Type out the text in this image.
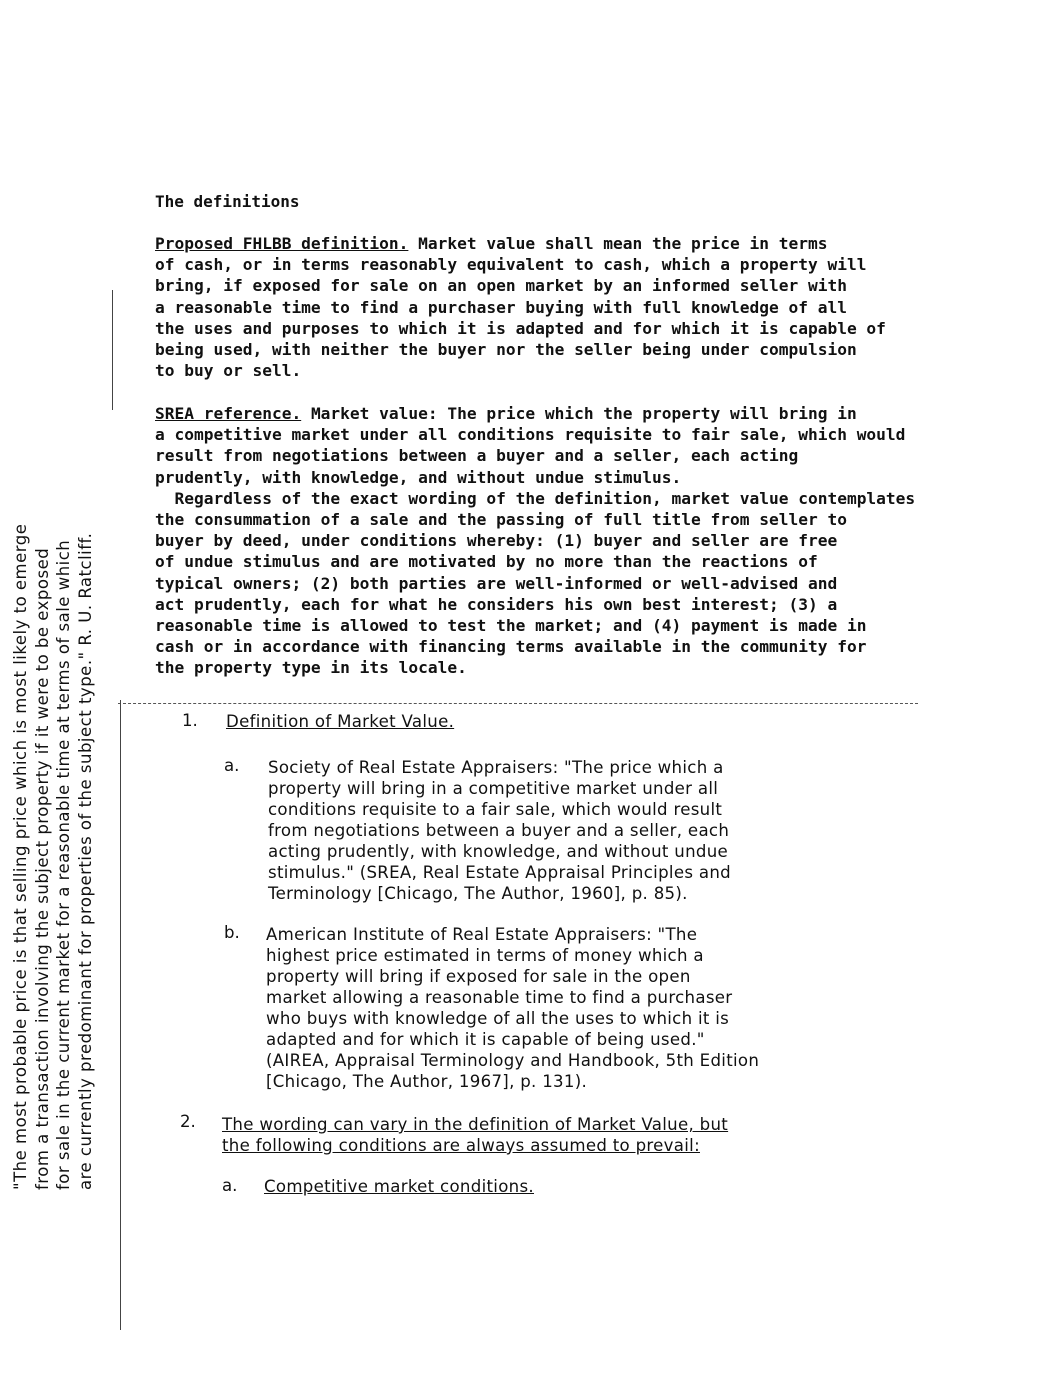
The definitions
Proposed FHLBB definition. Market value shall mean the price in terms
of cash, or in terms reasonably equivalent to cash, which a property will
bring, if exposed for sale on an open market by an informed seller with
a reasonable time to find a purchaser buying with full knowledge of all
the uses and purposes to which it is adapted and for which it is capable of
being used, with neither the buyer nor the seller being under compulsion
to buy or sell.
SREA reference. Market value: The price which the property will bring in
a competitive market under all conditions requisite to fair sale, which would
result from negotiations between a buyer and a seller, each acting
prudently, with knowledge, and without undue stimulus.
Regardless of the exact wording of the definition, market value contemplates
the consummation of a sale and the passing of full title from seller to
buyer by deed, under conditions whereby: (1) buyer and seller are free
of undue stimulus and are motivated by no more than the reactions of
typical owners; (2) both parties are well-informed or well-advised and
act prudently, each for what he considers his own best interest; (3) a
reasonable time is allowed to test the market; and (4) payment is made in
cash or in accordance with financing terms available in the community for
the property type in its locale.
1. Definition of Market Value.
a. Society of Real Estate Appraisers: "The price which a
property will bring in a competitive market under all
conditions requisite to a fair sale, which would result
from negotiations between a buyer and a seller, each
acting prudently, with knowledge, and without undue
stimulus." (SREA, Real Estate Appraisal Principles and
Terminology [Chicago, The Author, 1960], p. 85).
b. American Institute of Real Estate Appraisers: "The
highest price estimated in terms of money which a
property will bring if exposed for sale in the open
market allowing a reasonable time to find a purchaser
who buys with knowledge of all the uses to which it is
adapted and for which it is capable of being used."
(AIREA, Appraisal Terminology and Handbook, 5th Edition
[Chicago, The Author, 1967], p. 131).
2. The wording can vary in the definition of Market Value, but
the following conditions are always assumed to prevail:
a. Competitive market conditions.
"The most probable price is that selling price which is most likely to emerge from a transaction involving the subject property if it were to be exposed for sale in the current market for a reasonable time at terms of sale which are currently predominant for properties of the subject type." R. U. Ratcliff.
